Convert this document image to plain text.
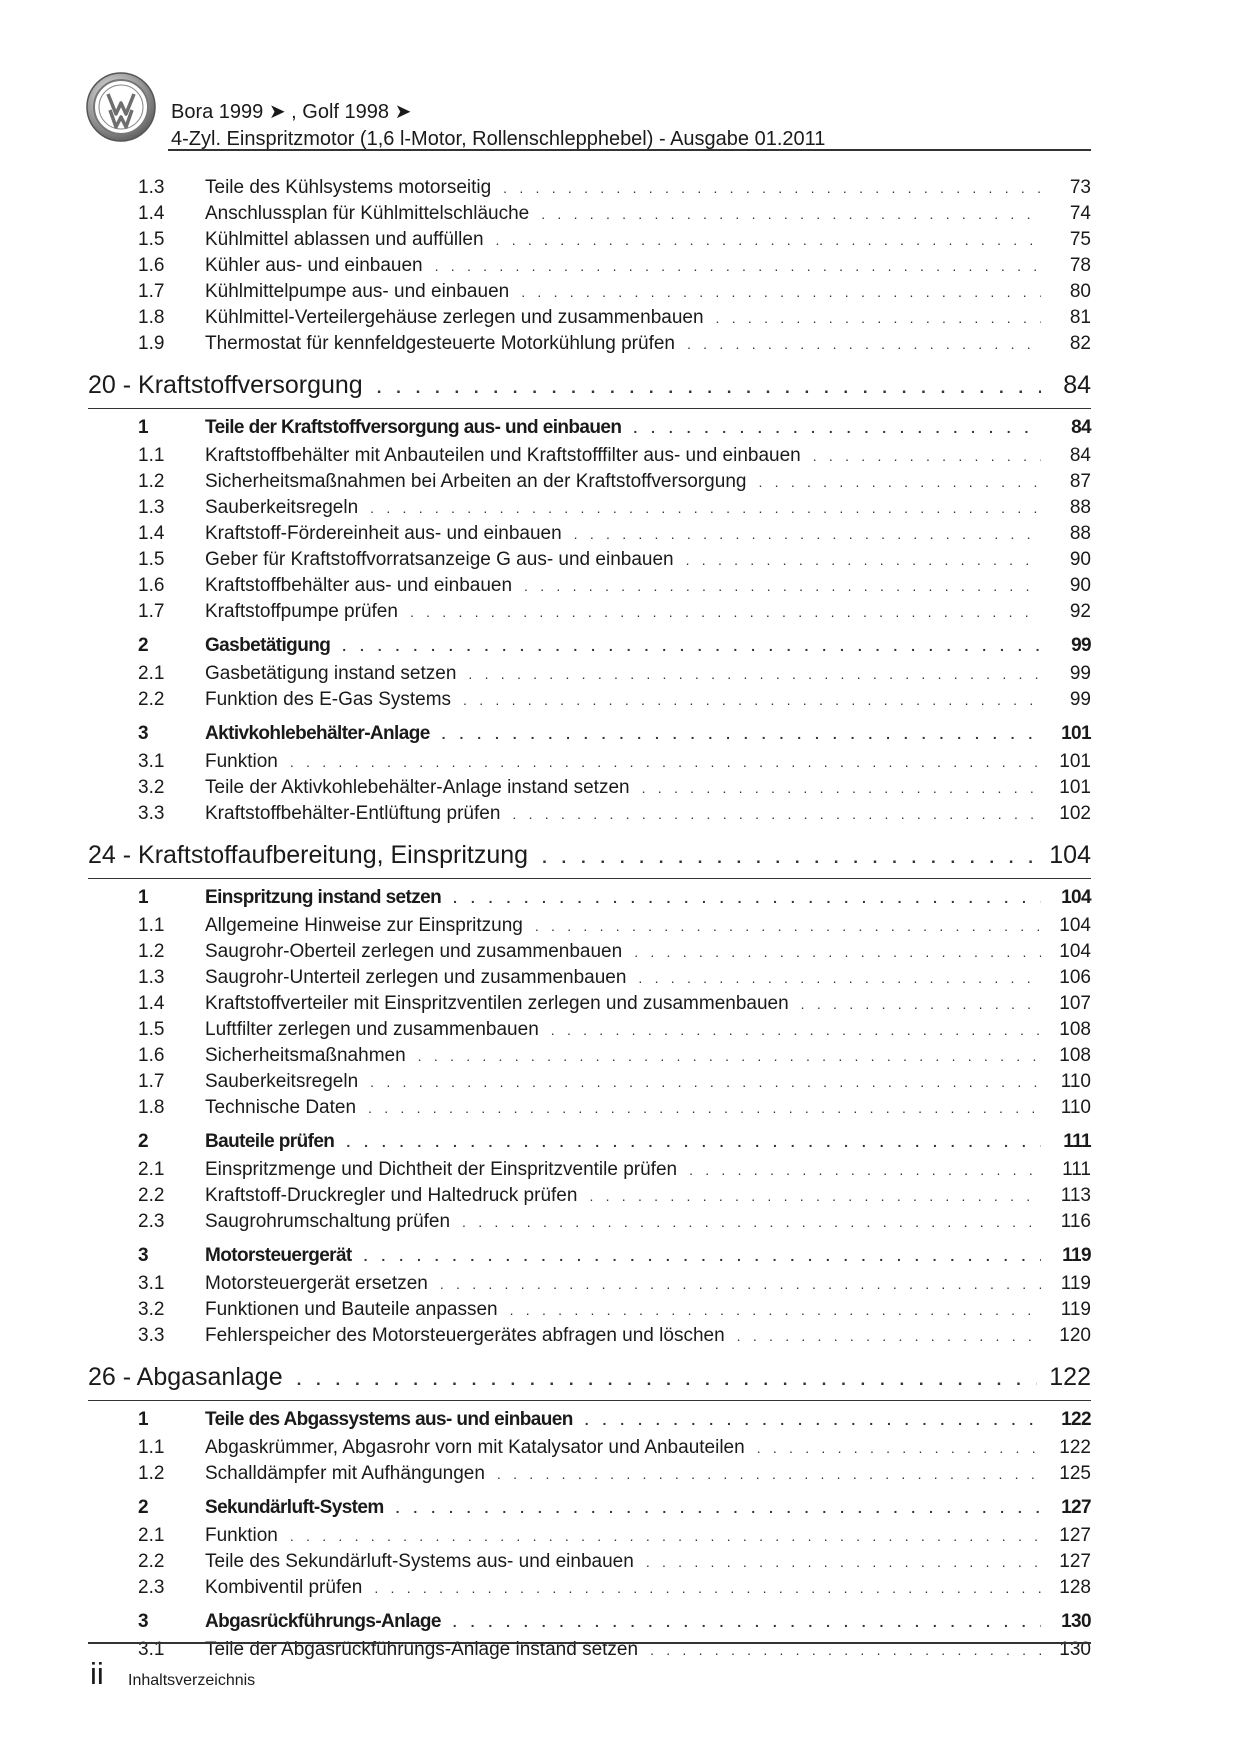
Bora 1999 ➤ , Golf 1998 ➤
4-Zyl. Einspritzmotor (1,6 l-Motor, Rollenschlepphebel) - Ausgabe 01.2011
1.3	Teile des Kühlsystems motorseitig . . .	73
1.4	Anschlussplan für Kühlmittelschläuche . . .	74
1.5	Kühlmittel ablassen und auffüllen . . .	75
1.6	Kühler aus- und einbauen . . .	78
1.7	Kühlmittelpumpe aus- und einbauen . . .	80
1.8	Kühlmittel-Verteilergehäuse zerlegen und zusammenbauen . . .	81
1.9	Thermostat für kennfeldgesteuerte Motorkühlung prüfen . . .	82
20 - Kraftstoffversorgung . . .	84
1	Teile der Kraftstoffversorgung aus- und einbauen . . .	84
1.1	Kraftstoffbehälter mit Anbauteilen und Kraftstofffilter aus- und einbauen . . .	84
1.2	Sicherheitsmaßnahmen bei Arbeiten an der Kraftstoffversorgung . . .	87
1.3	Sauberkeitsregeln . . .	88
1.4	Kraftstoff-Fördereinheit aus- und einbauen . . .	88
1.5	Geber für Kraftstoffvorratsanzeige G aus- und einbauen . . .	90
1.6	Kraftstoffbehälter aus- und einbauen . . .	90
1.7	Kraftstoffpumpe prüfen . . .	92
2	Gasbetätigung . . .	99
2.1	Gasbetätigung instand setzen . . .	99
2.2	Funktion des E-Gas Systems . . .	99
3	Aktivkohlebehälter-Anlage . . .	101
3.1	Funktion . . .	101
3.2	Teile der Aktivkohlebehälter-Anlage instand setzen . . .	101
3.3	Kraftstoffbehälter-Entlüftung prüfen . . .	102
24 - Kraftstoffaufbereitung, Einspritzung . . .	104
1	Einspritzung instand setzen . . .	104
1.1	Allgemeine Hinweise zur Einspritzung . . .	104
1.2	Saugrohr-Oberteil zerlegen und zusammenbauen . . .	104
1.3	Saugrohr-Unterteil zerlegen und zusammenbauen . . .	106
1.4	Kraftstoffverteiler mit Einspritzventilen zerlegen und zusammenbauen . . .	107
1.5	Luftfilter zerlegen und zusammenbauen . . .	108
1.6	Sicherheitsmaßnahmen . . .	108
1.7	Sauberkeitsregeln . . .	110
1.8	Technische Daten . . .	110
2	Bauteile prüfen . . .	111
2.1	Einspritzmenge und Dichtheit der Einspritzventile prüfen . . .	111
2.2	Kraftstoff-Druckregler und Haltedruck prüfen . . .	113
2.3	Saugrohrumschaltung prüfen . . .	116
3	Motorsteuergerät . . .	119
3.1	Motorsteuergerät ersetzen . . .	119
3.2	Funktionen und Bauteile anpassen . . .	119
3.3	Fehlerspeicher des Motorsteuergerätes abfragen und löschen . . .	120
26 - Abgasanlage . . .	122
1	Teile des Abgassystems aus- und einbauen . . .	122
1.1	Abgaskrümmer, Abgasrohr vorn mit Katalysator und Anbauteilen . . .	122
1.2	Schalldämpfer mit Aufhängungen . . .	125
2	Sekundärluft-System . . .	127
2.1	Funktion . . .	127
2.2	Teile des Sekundärluft-Systems aus- und einbauen . . .	127
2.3	Kombiventil prüfen . . .	128
3	Abgasrückführungs-Anlage . . .	130
3.1	Teile der Abgasrückführungs-Anlage instand setzen . . .	130
ii Inhaltsverzeichnis
